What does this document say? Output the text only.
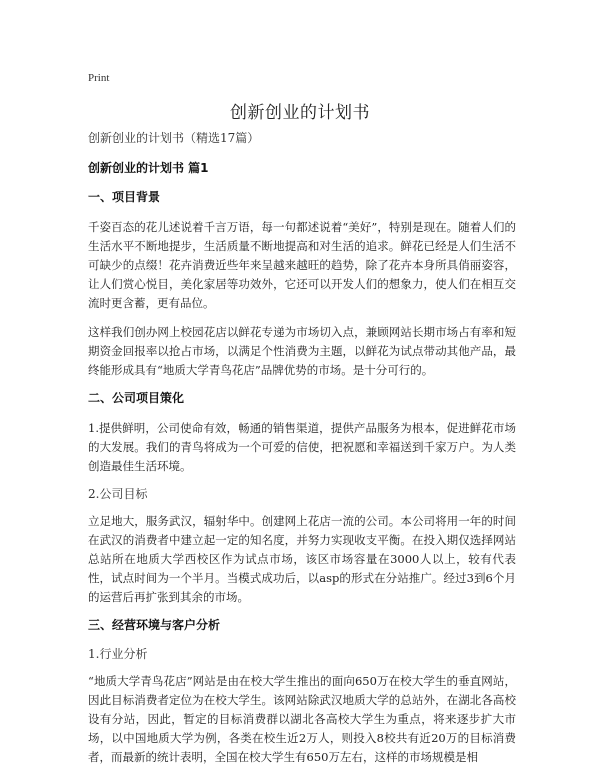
Print
创新创业的计划书
创新创业的计划书（精选17篇）
创新创业的计划书 篇1
一、项目背景

千姿百态的花儿述说着千言万语，每一句都述说着“美好”，特别是现在。随着人们的生活水平不断地提步，生活质量不断地提高和对生活的追求。鲜花已经是人们生活不可缺少的点缀！花卉消费近些年来呈越来越旺的趋势，除了花卉本身所具俏丽姿容，让人们赏心悦目，美化家居等功效外，它还可以开发人们的想象力，使人们在相互交流时更含蓄，更有品位。

这样我们创办网上校园花店以鲜花专递为市场切入点，兼顾网站长期市场占有率和短期资金回报率以抢占市场，以满足个性消费为主题，以鲜花为试点带动其他产品，最终能形成具有“地质大学青鸟花店”品牌优势的市场。是十分可行的。

二、公司项目策化

1.提供鲜明，公司使命有效，畅通的销售渠道，提供产品服务为根本，促进鲜花市场的大发展。我们的青鸟将成为一个可爱的信使，把祝愿和幸福送到千家万户。为人类创造最佳生活环境。

2.公司目标

立足地大，服务武汉，辐射华中。创建网上花店一流的公司。本公司将用一年的时间在武汉的消费者中建立起一定的知名度，并努力实现收支平衡。在投入期仅选择网站总站所在地质大学西校区作为试点市场，该区市场容量在3000人以上，较有代表性，试点时间为一个半月。当模式成功后，以asp的形式在分站推广。经过3到6个月的运营后再扩张到其余的市场。

三、经营环境与客户分析
1.行业分析

“地质大学青鸟花店”网站是由在校大学生推出的面向650万在校大学生的垂直网站，因此目标消费者定位为在校大学生。该网站除武汉地质大学的总站外，在湖北各高校设有分站，因此，暂定的目标消费群以湖北各高校大学生为重点，将来逐步扩大市场，以中国地质大学为例，各类在校生近2万人，则投入8校共有近20万的目标消费者，而最新的统计表明，全国在校大学生有650万左右，这样的市场规模是相
